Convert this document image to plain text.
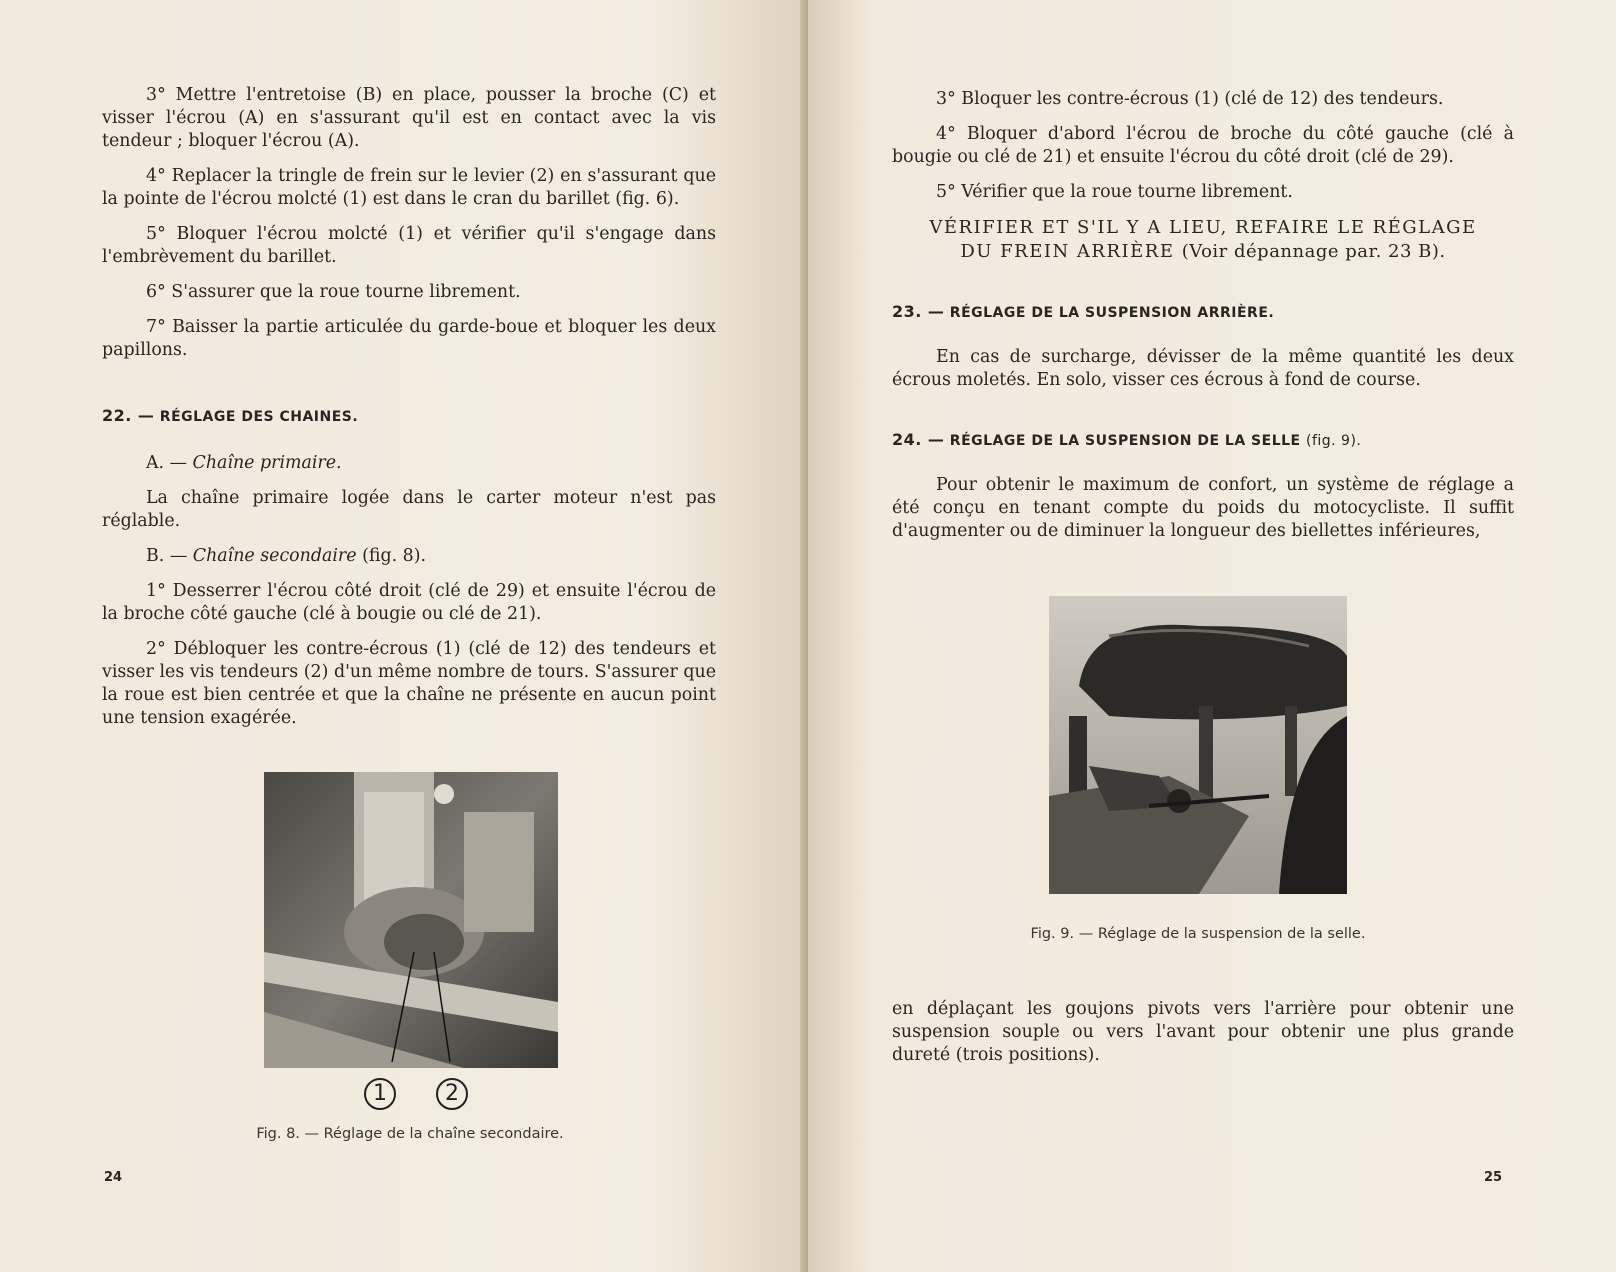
3° Mettre l'entretoise (B) en place, pousser la broche (C) et visser l'écrou (A) en s'assurant qu'il est en contact avec la vis tendeur ; bloquer l'écrou (A).

4° Replacer la tringle de frein sur le levier (2) en s'assurant que la pointe de l'écrou molcté (1) est dans le cran du barillet (fig. 6).

5° Bloquer l'écrou molcté (1) et vérifier qu'il s'engage dans l'embrèvement du barillet.

6° S'assurer que la roue tourne librement.

7° Baisser la partie articulée du garde-boue et bloquer les deux papillons.

22. — RÉGLAGE DES CHAINES.

A. — Chaîne primaire.

La chaîne primaire logée dans le carter moteur n'est pas réglable.

B. — Chaîne secondaire (fig. 8).

1° Desserrer l'écrou côté droit (clé de 29) et ensuite l'écrou de la broche côté gauche (clé à bougie ou clé de 21).

2° Débloquer les contre-écrous (1) (clé de 12) des tendeurs et visser les vis tendeurs (2) d'un même nombre de tours. S'assurer que la roue est bien centrée et que la chaîne ne présente en aucun point une tension exagérée.

1	2
Fig. 8. — Réglage de la chaîne secondaire.
24

3° Bloquer les contre-écrous (1) (clé de 12) des tendeurs.

4° Bloquer d'abord l'écrou de broche du côté gauche (clé à bougie ou clé de 21) et ensuite l'écrou du côté droit (clé de 29).

5° Vérifier que la roue tourne librement.

VÉRIFIER ET S'IL Y A LIEU, REFAIRE LE RÉGLAGE
DU FREIN ARRIÈRE (Voir dépannage par. 23 B).
23. — RÉGLAGE DE LA SUSPENSION ARRIÈRE.

En cas de surcharge, dévisser de la même quantité les deux écrous moletés. En solo, visser ces écrous à fond de course.

24. — RÉGLAGE DE LA SUSPENSION DE LA SELLE (fig. 9).

Pour obtenir le maximum de confort, un système de réglage a été conçu en tenant compte du poids du motocycliste. Il suffit d'augmenter ou de diminuer la longueur des biellettes inférieures,

Fig. 9. — Réglage de la suspension de la selle.

en déplaçant les goujons pivots vers l'arrière pour obtenir une suspension souple ou vers l'avant pour obtenir une plus grande dureté (trois positions).

25
